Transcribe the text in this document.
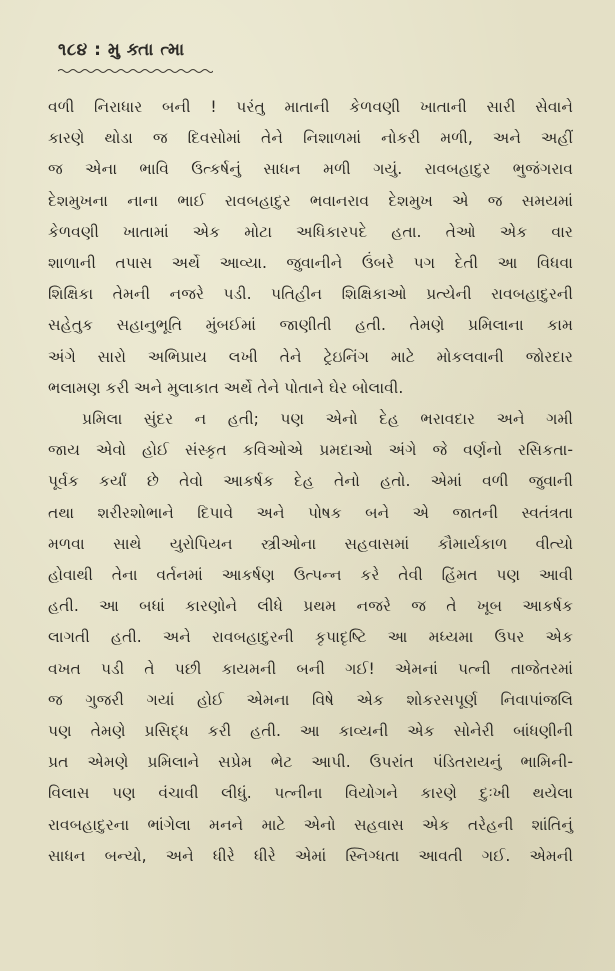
૧૮૪ : મુ ક્તા ત્મા

વળી નિરાધાર બની ! પરંતુ માતાની કેળવણી ખાતાની સારી સેવાને
કારણે થોડા જ દિવસોમાં તેને નિશાળમાં નોકરી મળી, અને અહીં
જ એના ભાવિ ઉત્કર્ષનું સાધન મળી ગયું. રાવબહાદુર ભુજંગરાવ
દેશમુખના નાના ભાઈ રાવબહાદુર ભવાનરાવ દેશમુખ એ જ સમયમાં
કેળવણી ખાતામાં એક મોટા અધિકારપદે હતા. તેઓ એક વાર
શાળાની તપાસ અર્થે આવ્યા. જુવાનીને ઉંબરે પગ દેતી આ વિધવા
શિક્ષિકા તેમની નજરે પડી. પતિહીન શિક્ષિકાઓ પ્રત્યેની રાવબહાદુરની
સહેતુક સહાનુભૂતિ મુંબઈમાં જાણીતી હતી. તેમણે પ્રમિલાના કામ
અંગે સારો અભિપ્રાય લખી તેને ટ્રેઇનિંગ માટે મોકલવાની જોરદાર
ભલામણ કરી અને મુલાકાત અર્થે તેને પોતાને ઘેર બોલાવી.

પ્રમિલા સુંદર ન હતી; પણ એનો દેહ ભરાવદાર અને ગમી
જાય એવો હોઈ સંસ્કૃત કવિઓએ પ્રમદાઓ અંગે જે વર્ણનો રસિકતા-
પૂર્વક કર્યાં છે તેવો આકર્ષક દેહ તેનો હતો. એમાં વળી જુવાની
તથા શરીરશોભાને દિપાવે અને પોષક બને એ જાતની સ્વતંત્રતા
મળવા સાથે યુરોપિયન સ્ત્રીઓના સહવાસમાં કૌમાર્યકાળ વીત્યો
હોવાથી તેના વર્તનમાં આકર્ષણ ઉત્પન્ન કરે તેવી હિંમત પણ આવી
હતી. આ બધાં કારણોને લીધે પ્રથમ નજરે જ તે ખૂબ આકર્ષક
લાગતી હતી. અને રાવબહાદુરની કૃપાદૃષ્ટિ આ મધ્યમા ઉપર એક
વખત પડી તે પછી કાયમની બની ગઈ! એમનાં પત્ની તાજેતરમાં
જ ગુજરી ગયાં હોઈ એમના વિષે એક શોકરસપૂર્ણ નિવાપાંજલિ
પણ તેમણે પ્રસિદ્ધ કરી હતી. આ કાવ્યની એક સોનેરી બાંધણીની
પ્રત એમણે પ્રમિલાને સપ્રેમ ભેટ આપી. ઉપરાંત પંડિતરાયનું ભામિની-
વિલાસ પણ વંચાવી લીધું. પત્નીના વિયોગને કારણે દુઃખી થયેલા
રાવબહાદુરના ભાંગેલા મનને માટે એનો સહવાસ એક તરેહની શાંતિનું
સાધન બન્યો, અને ધીરે ધીરે એમાં સ્નિગ્ધતા આવતી ગઈ. એમની
